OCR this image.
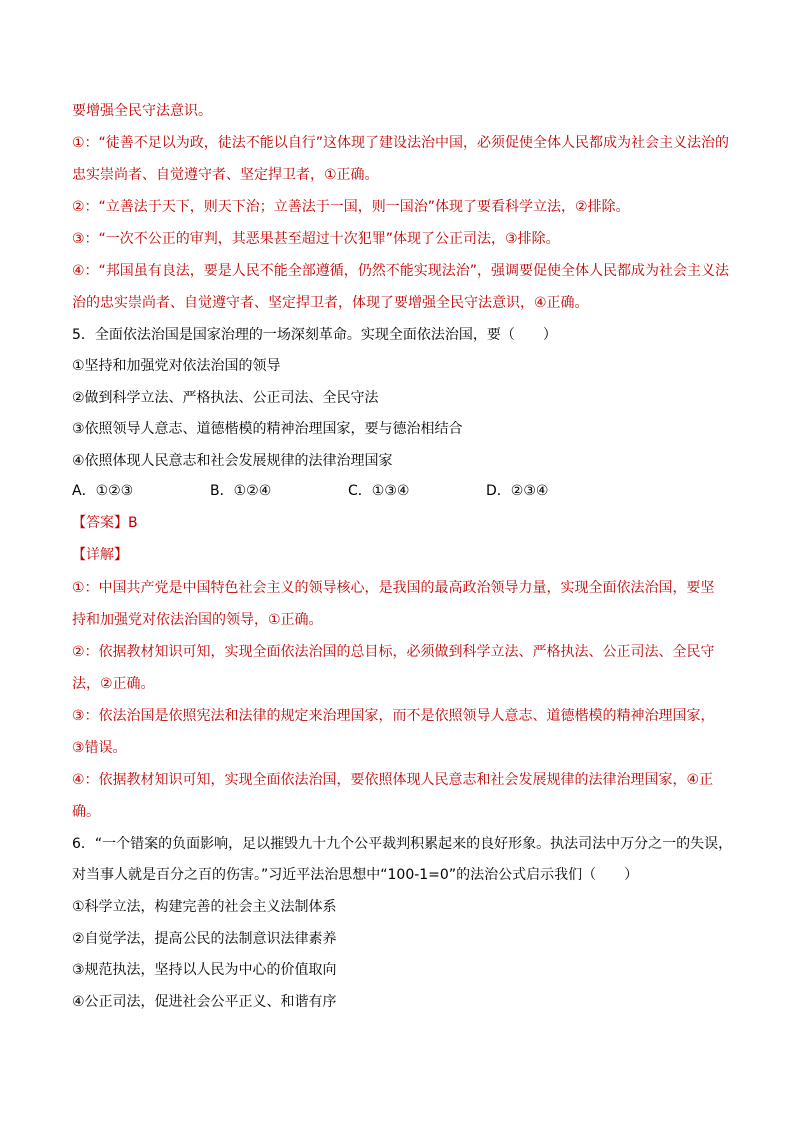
要增强全民守法意识。
①：“徒善不足以为政，徒法不能以自行”这体现了建设法治中国，必须促使全体人民都成为社会主义法治的
忠实崇尚者、自觉遵守者、坚定捍卫者，①正确。
②：“立善法于天下，则天下治；立善法于一国，则一国治”体现了要看科学立法，②排除。
③：“一次不公正的审判，其恶果甚至超过十次犯罪”体现了公正司法，③排除。
④：“邦国虽有良法，要是人民不能全部遵循，仍然不能实现法治”，强调要促使全体人民都成为社会主义法
治的忠实崇尚者、自觉遵守者、坚定捍卫者，体现了要增强全民守法意识，④正确。
5．全面依法治国是国家治理的一场深刻革命。实现全面依法治国，要（　　）
①坚持和加强党对依法治国的领导
②做到科学立法、严格执法、公正司法、全民守法
③依照领导人意志、道德楷模的精神治理国家，要与德治相结合
④依照体现人民意志和社会发展规律的法律治理国家
A．①②③	B．①②④	C．①③④	D．②③④
【答案】B
【详解】
①：中国共产党是中国特色社会主义的领导核心，是我国的最高政治领导力量，实现全面依法治国，要坚
持和加强党对依法治国的领导，①正确。
②：依据教材知识可知，实现全面依法治国的总目标，必须做到科学立法、严格执法、公正司法、全民守
法，②正确。
③：依法治国是依照宪法和法律的规定来治理国家，而不是依照领导人意志、道德楷模的精神治理国家，
③错误。
④：依据教材知识可知，实现全面依法治国，要依照体现人民意志和社会发展规律的法律治理国家，④正
确。
6．“一个错案的负面影响，足以摧毁九十九个公平裁判积累起来的良好形象。执法司法中万分之一的失误，
对当事人就是百分之百的伤害。”习近平法治思想中“100-1=0”的法治公式启示我们（　　）
①科学立法，构建完善的社会主义法制体系
②自觉学法，提高公民的法制意识法律素养
③规范执法，坚持以人民为中心的价值取向
④公正司法，促进社会公平正义、和谐有序
